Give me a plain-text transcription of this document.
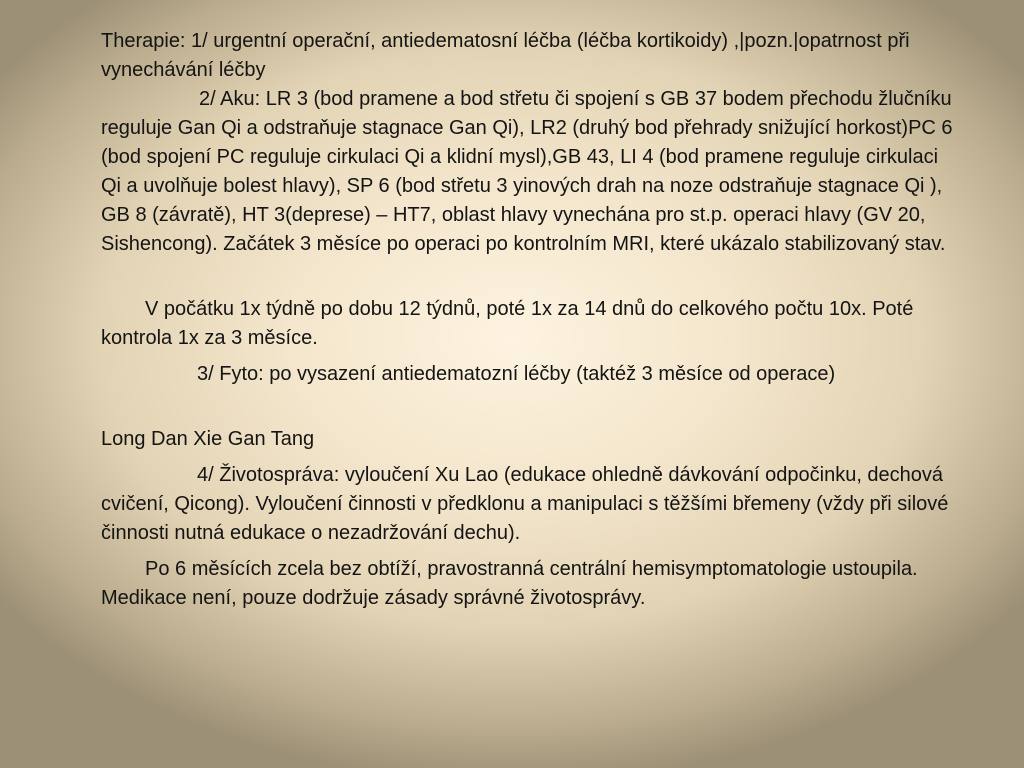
Therapie: 1/ urgentní operační, antiedematosní léčba (léčba kortikoidy) ,|pozn.|opatrnost při vynechávání léčby

2/ Aku: LR 3 (bod pramene a bod střetu či spojení s GB 37 bodem přechodu žlučníku reguluje Gan Qi a odstraňuje stagnace Gan Qi), LR2 (druhý bod přehrady snižující horkost)PC 6 (bod spojení PC reguluje cirkulaci Qi a klidní mysl),GB 43, LI 4 (bod pramene reguluje cirkulaci Qi a uvolňuje bolest hlavy), SP 6 (bod střetu 3 yinových drah na noze odstraňuje stagnace Qi ), GB 8 (závratě), HT 3(deprese) – HT7, oblast hlavy vynechána pro st.p. operaci hlavy (GV 20, Sishencong). Začátek 3 měsíce po operaci po kontrolním MRI, které ukázalo stabilizovaný stav.

V počátku 1x týdně po dobu 12 týdnů, poté 1x za 14 dnů do celkového počtu 10x. Poté kontrola 1x za 3 měsíce.

3/ Fyto: po vysazení antiedematozní léčby (taktéž 3 měsíce od operace)

Long Dan Xie Gan Tang

4/ Životospráva: vyloučení Xu Lao (edukace ohledně dávkování odpočinku, dechová cvičení, Qicong). Vyloučení činnosti v předklonu a manipulaci s těžšími břemeny (vždy při silové činnosti nutná edukace o nezadržování dechu).

Po 6 měsících zcela bez obtíží, pravostranná centrální hemisymptomatologie ustoupila. Medikace není, pouze dodržuje zásady správné životosprávy.
